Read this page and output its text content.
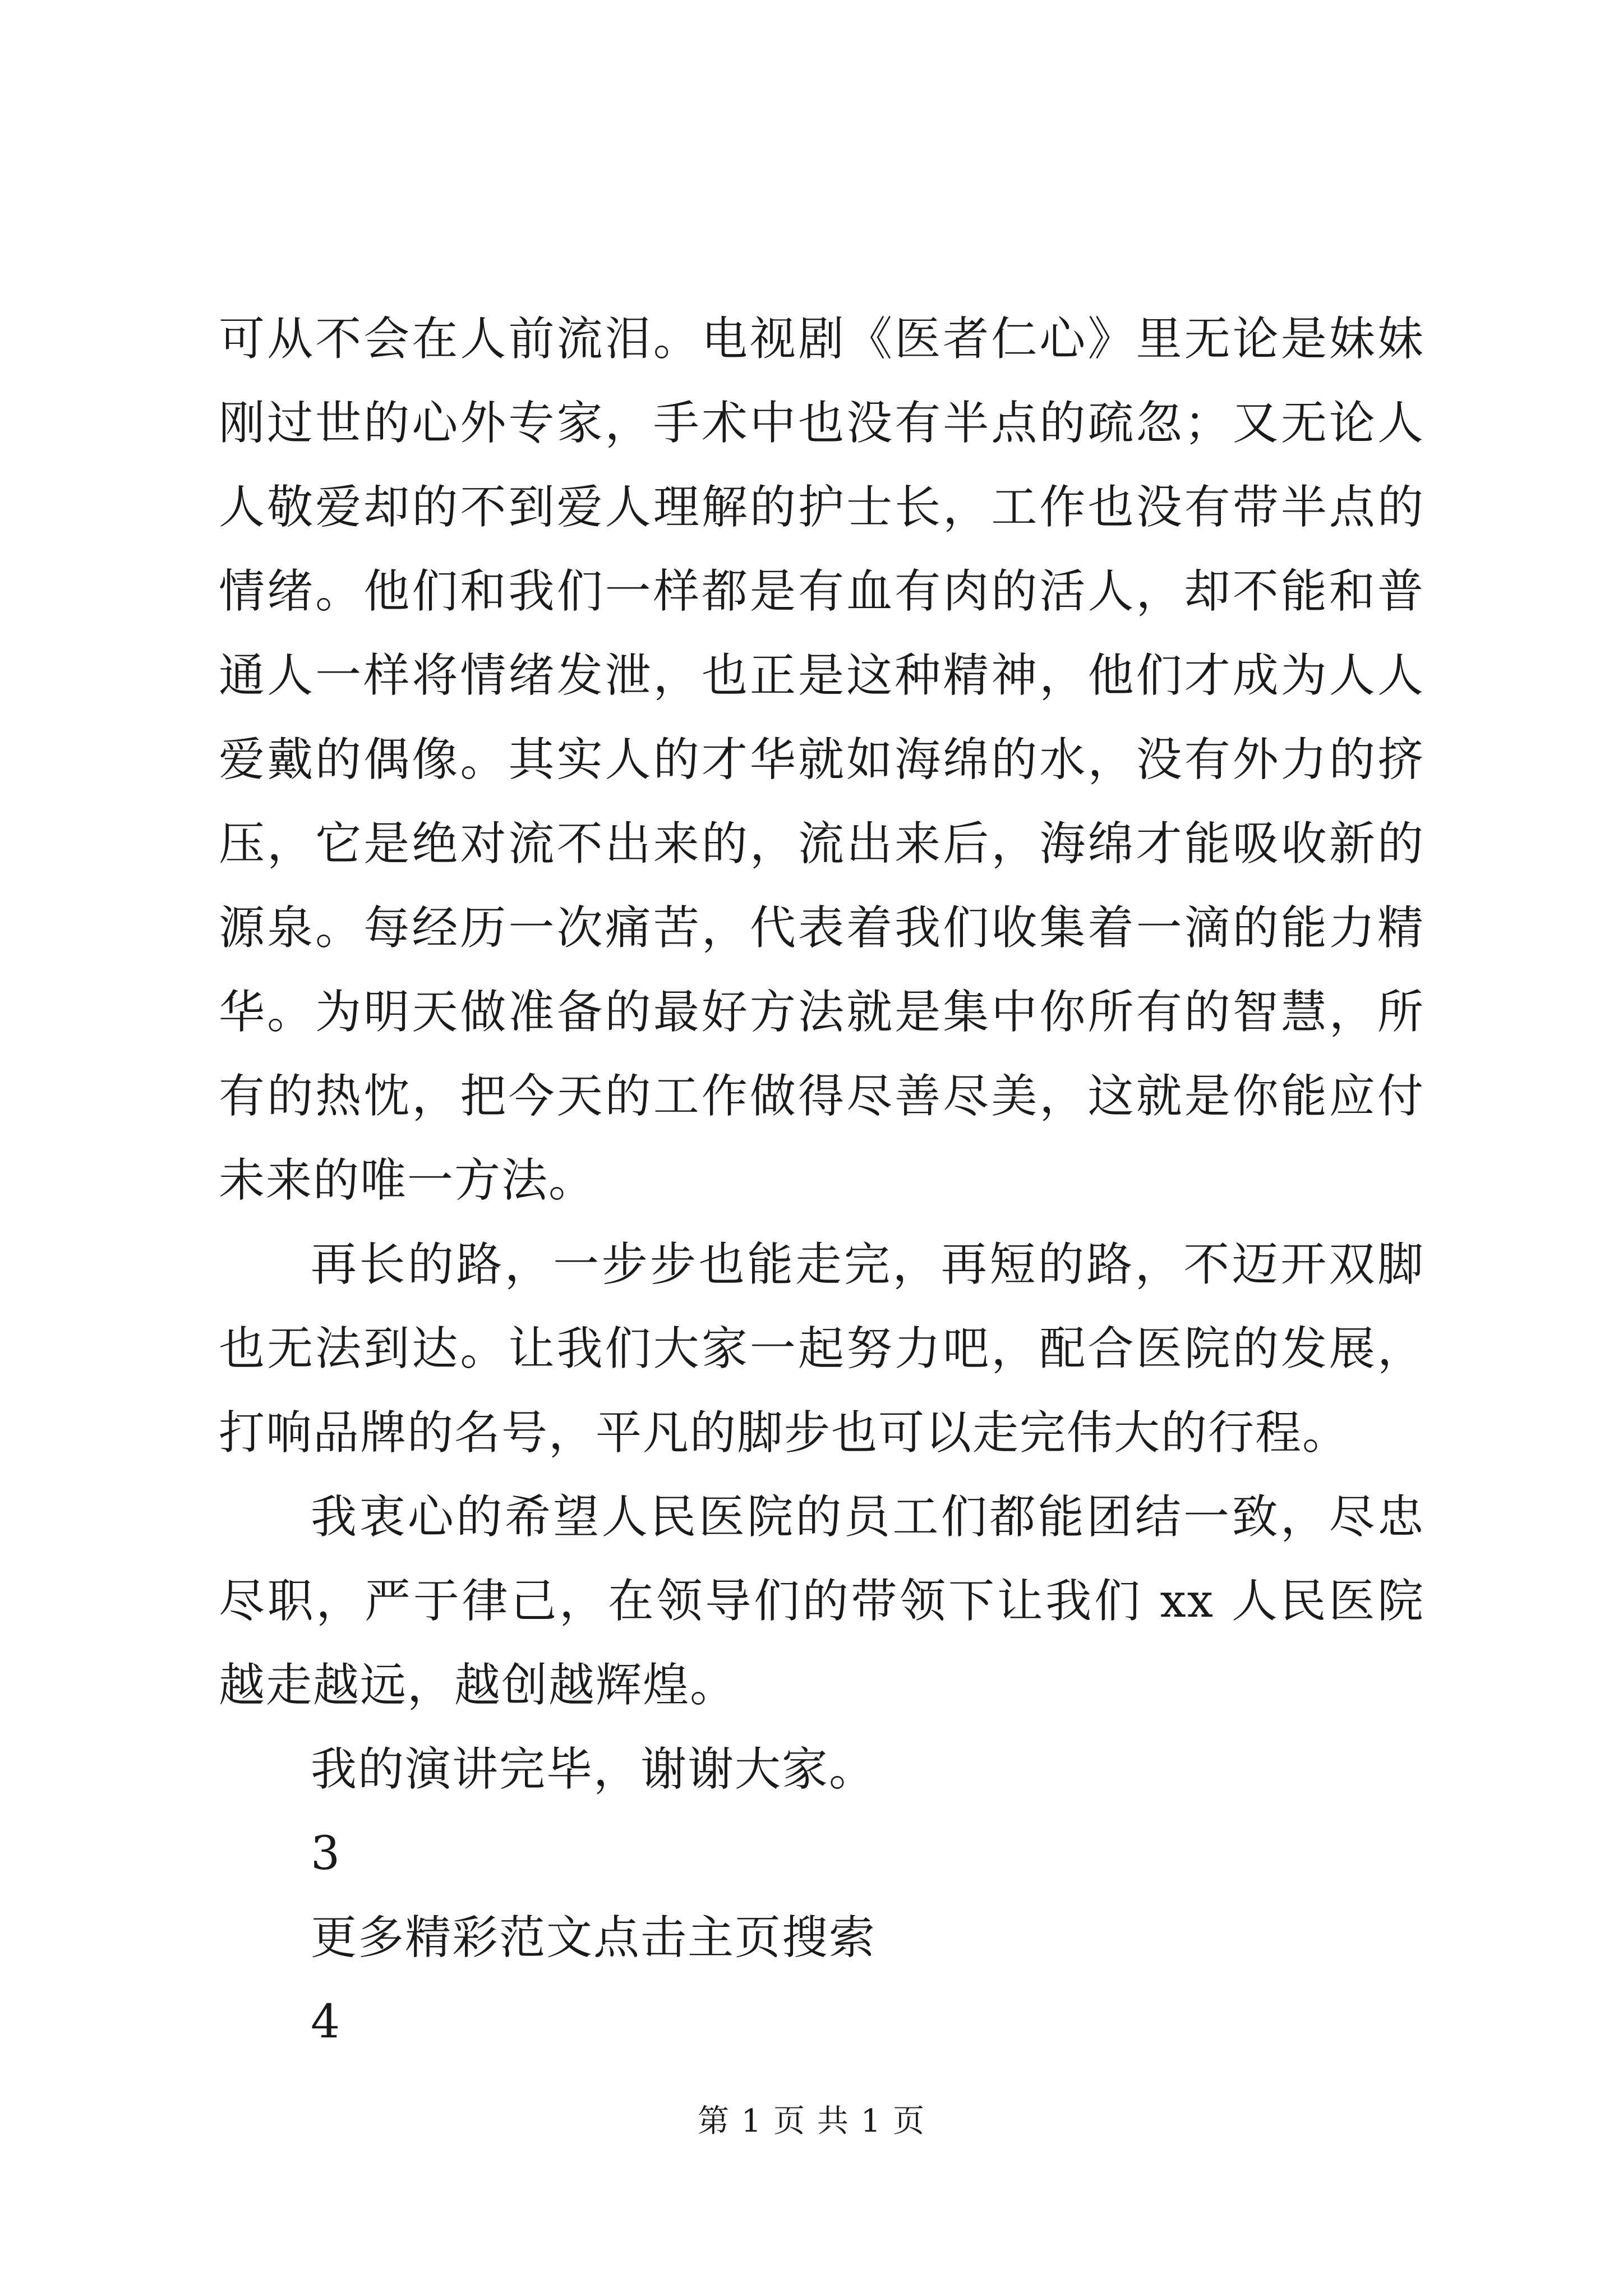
可从不会在人前流泪。电视剧《医者仁心》里无论是妹妹刚过世的心外专家，手术中也没有半点的疏忽；又无论人人敬爱却的不到爱人理解的护士长，工作也没有带半点的情绪。他们和我们一样都是有血有肉的活人，却不能和普通人一样将情绪发泄，也正是这种精神，他们才成为人人爱戴的偶像。其实人的才华就如海绵的水，没有外力的挤压，它是绝对流不出来的，流出来后，海绵才能吸收新的源泉。每经历一次痛苦，代表着我们收集着一滴的能力精华。为明天做准备的最好方法就是集中你所有的智慧，所有的热忱，把今天的工作做得尽善尽美，这就是你能应付未来的唯一方法。

再长的路，一步步也能走完，再短的路，不迈开双脚也无法到达。让我们大家一起努力吧，配合医院的发展，打响品牌的名号，平凡的脚步也可以走完伟大的行程。

我衷心的希望人民医院的员工们都能团结一致，尽忠尽职，严于律己，在领导们的带领下让我们 xx 人民医院越走越远，越创越辉煌。

我的演讲完毕，谢谢大家。

3

更多精彩范文点击主页搜索

4

第 1 页 共 1 页
